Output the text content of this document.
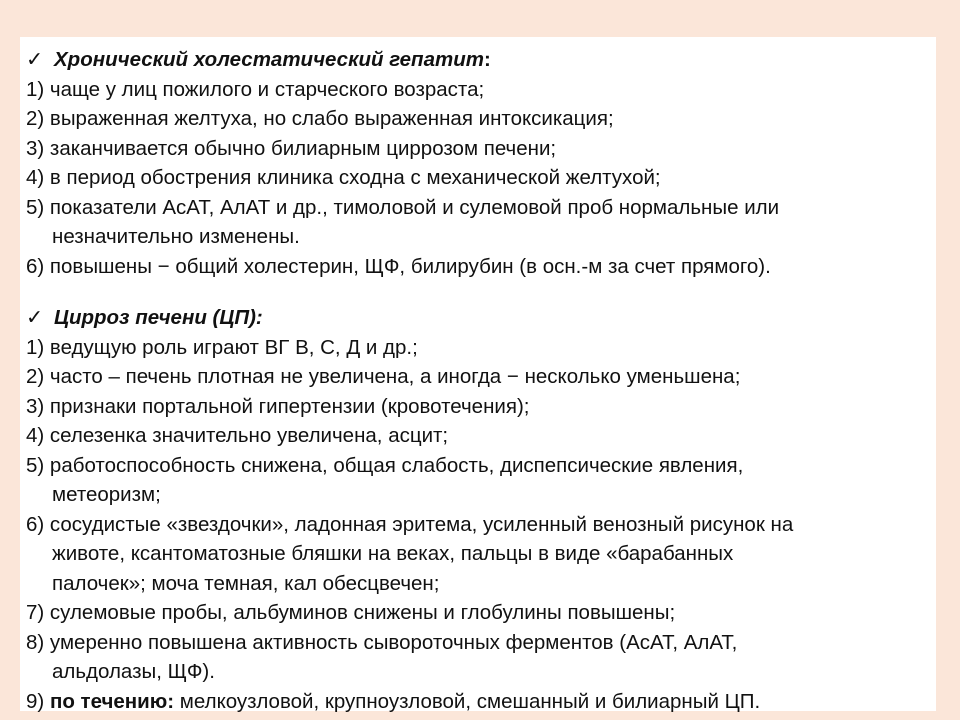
✓ Хронический холестатический гепатит:
1) чаще у лиц пожилого и старческого возраста;
2) выраженная желтуха, но слабо выраженная интоксикация;
3) заканчивается обычно билиарным циррозом печени;
4) в период обострения клиника сходна с механической желтухой;
5) показатели АсАТ, АлАТ и др., тимоловой и сулемовой проб нормальные или
незначительно изменены.
6) повышены − общий холестерин, ЩФ, билирубин (в осн.-м за счет прямого).
✓ Цирроз печени (ЦП):
1) ведущую роль играют ВГ В, С, Д и др.;
2) часто – печень плотная не увеличена, а иногда − несколько уменьшена;
3) признаки портальной гипертензии (кровотечения);
4) селезенка значительно увеличена, асцит;
5) работоспособность снижена, общая слабость, диспепсические явления,
метеоризм;
6) сосудистые «звездочки», ладонная эритема, усиленный венозный рисунок на
животе, ксантоматозные бляшки на веках, пальцы в виде «барабанных
палочек»; моча темная, кал обесцвечен;
7) сулемовые пробы, альбуминов снижены и глобулины повышены;
8) умеренно повышена активность сывороточных ферментов (АсАТ, АлАТ,
альдолазы, ЩФ).
9) по течению: мелкоузловой, крупноузловой, смешанный и билиарный ЦП.
